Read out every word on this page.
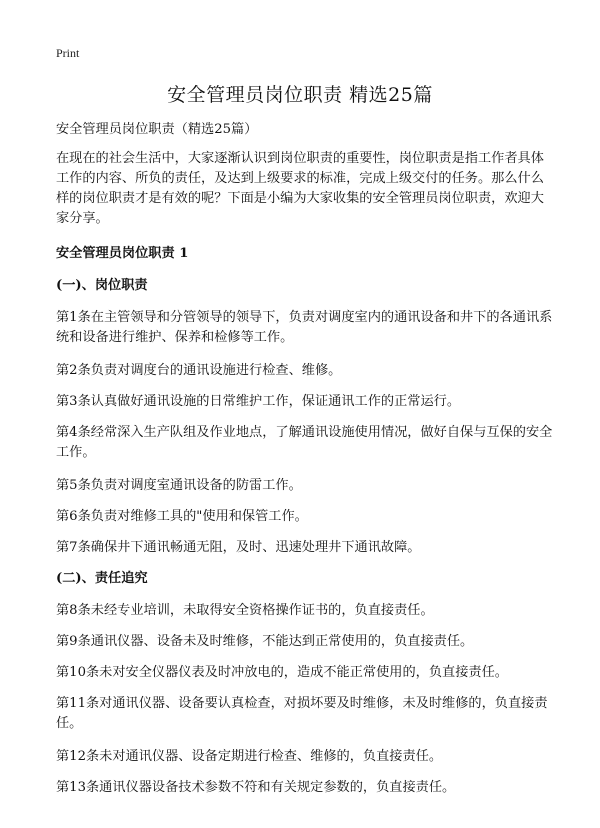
Print
安全管理员岗位职责 精选25篇

安全管理员岗位职责（精选25篇）

在现在的社会生活中，大家逐渐认识到岗位职责的重要性，岗位职责是指工作者具体工作的内容、所负的责任，及达到上级要求的标准，完成上级交付的任务。那么什么样的岗位职责才是有效的呢？下面是小编为大家收集的安全管理员岗位职责，欢迎大家分享。

安全管理员岗位职责 1
(一)、岗位职责

第1条在主管领导和分管领导的领导下，负责对调度室内的通讯设备和井下的各通讯系统和设备进行维护、保养和检修等工作。

第2条负责对调度台的通讯设施进行检查、维修。

第3条认真做好通讯设施的日常维护工作，保证通讯工作的正常运行。

第4条经常深入生产队组及作业地点，了解通讯设施使用情况，做好自保与互保的安全工作。

第5条负责对调度室通讯设备的防雷工作。

第6条负责对维修工具的"使用和保管工作。

第7条确保井下通讯畅通无阻，及时、迅速处理井下通讯故障。

(二)、责任追究

第8条未经专业培训，未取得安全资格操作证书的，负直接责任。

第9条通讯仪器、设备未及时维修，不能达到正常使用的，负直接责任。

第10条未对安全仪器仪表及时冲放电的，造成不能正常使用的，负直接责任。

第11条对通讯仪器、设备要认真检查，对损坏要及时维修，未及时维修的，负直接责任。

第12条未对通讯仪器、设备定期进行检查、维修的，负直接责任。

第13条通讯仪器设备技术参数不符和有关规定参数的，负直接责任。
